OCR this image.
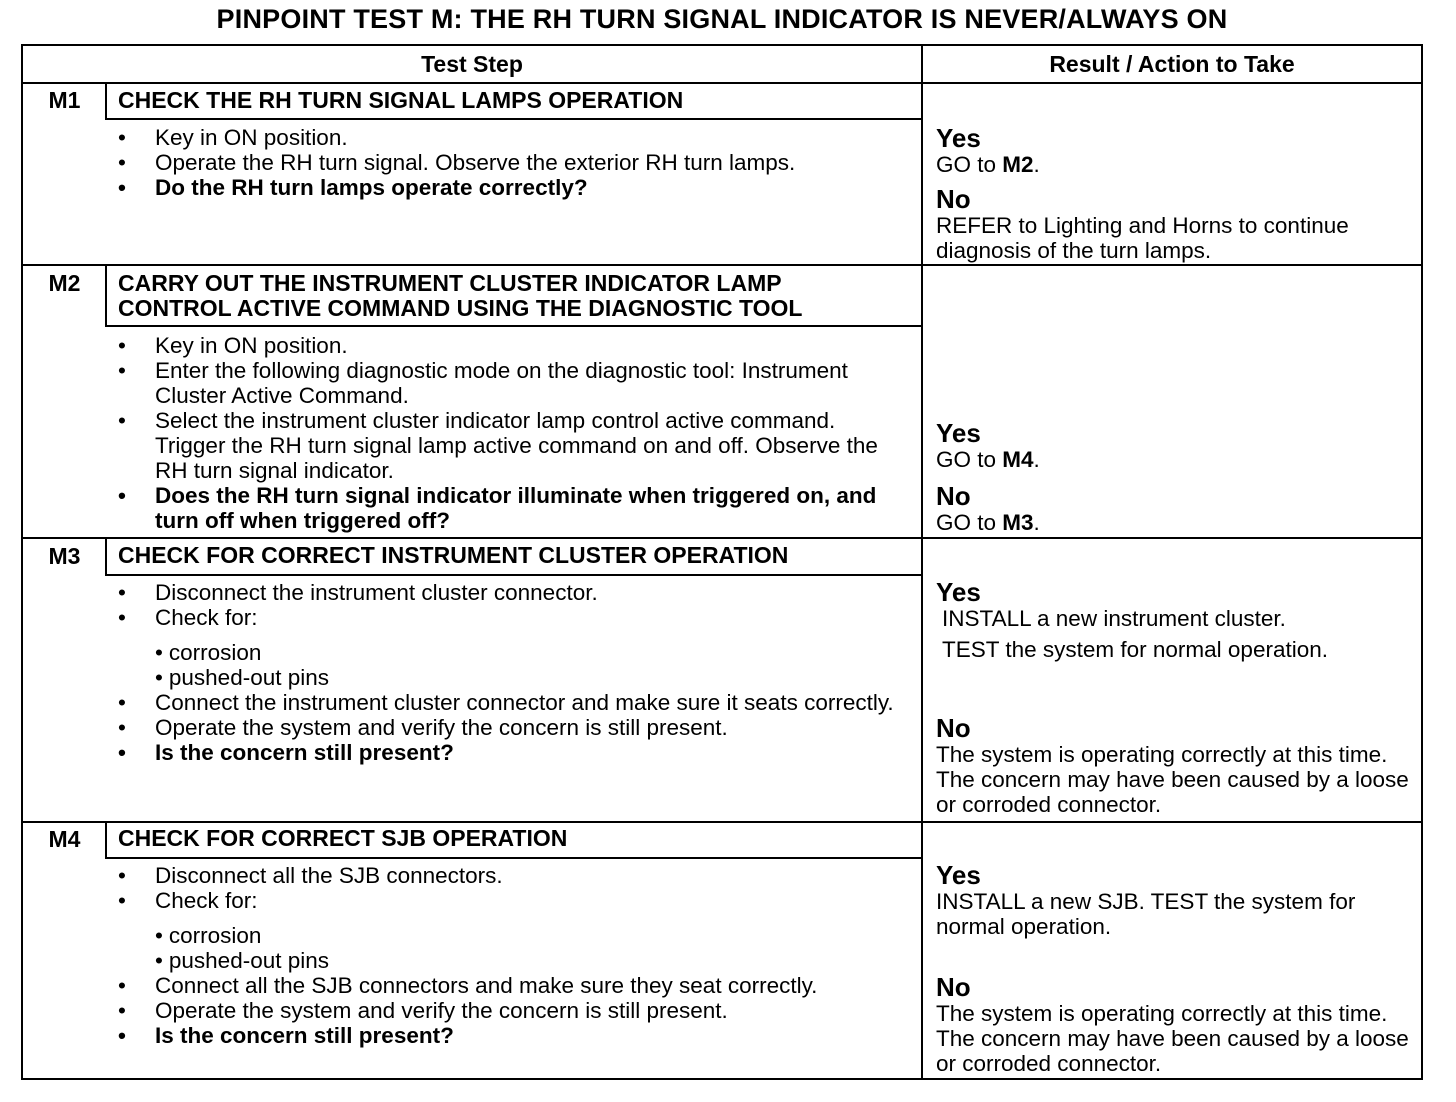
PINPOINT TEST M: THE RH TURN SIGNAL INDICATOR IS NEVER/ALWAYS ON
Test Step	Result / Action to Take
M1	CHECK THE RH TURN SIGNAL LAMPS OPERATION
•	Key in ON position.
•	Operate the RH turn signal. Observe the exterior RH turn lamps.
•	Do the RH turn lamps operate correctly?
Yes
GO to M2.
No
REFER to Lighting and Horns to continue diagnosis of the turn lamps.
M2	CARRY OUT THE INSTRUMENT CLUSTER INDICATOR LAMP CONTROL ACTIVE COMMAND USING THE DIAGNOSTIC TOOL
•	Key in ON position.
•	Enter the following diagnostic mode on the diagnostic tool: Instrument Cluster Active Command.
•	Select the instrument cluster indicator lamp control active command. Trigger the RH turn signal lamp active command on and off. Observe the RH turn signal indicator.
•	Does the RH turn signal indicator illuminate when triggered on, and turn off when triggered off?
Yes
GO to M4.
No
GO to M3.
M3	CHECK FOR CORRECT INSTRUMENT CLUSTER OPERATION
•	Disconnect the instrument cluster connector.
•	Check for:
• corrosion
• pushed-out pins
•	Connect the instrument cluster connector and make sure it seats correctly.
•	Operate the system and verify the concern is still present.
•	Is the concern still present?
Yes
INSTALL a new instrument cluster.
TEST the system for normal operation.
No
The system is operating correctly at this time. The concern may have been caused by a loose or corroded connector.
M4	CHECK FOR CORRECT SJB OPERATION
•	Disconnect all the SJB connectors.
•	Check for:
• corrosion
• pushed-out pins
•	Connect all the SJB connectors and make sure they seat correctly.
•	Operate the system and verify the concern is still present.
•	Is the concern still present?
Yes
INSTALL a new SJB. TEST the system for normal operation.
No
The system is operating correctly at this time. The concern may have been caused by a loose or corroded connector.
